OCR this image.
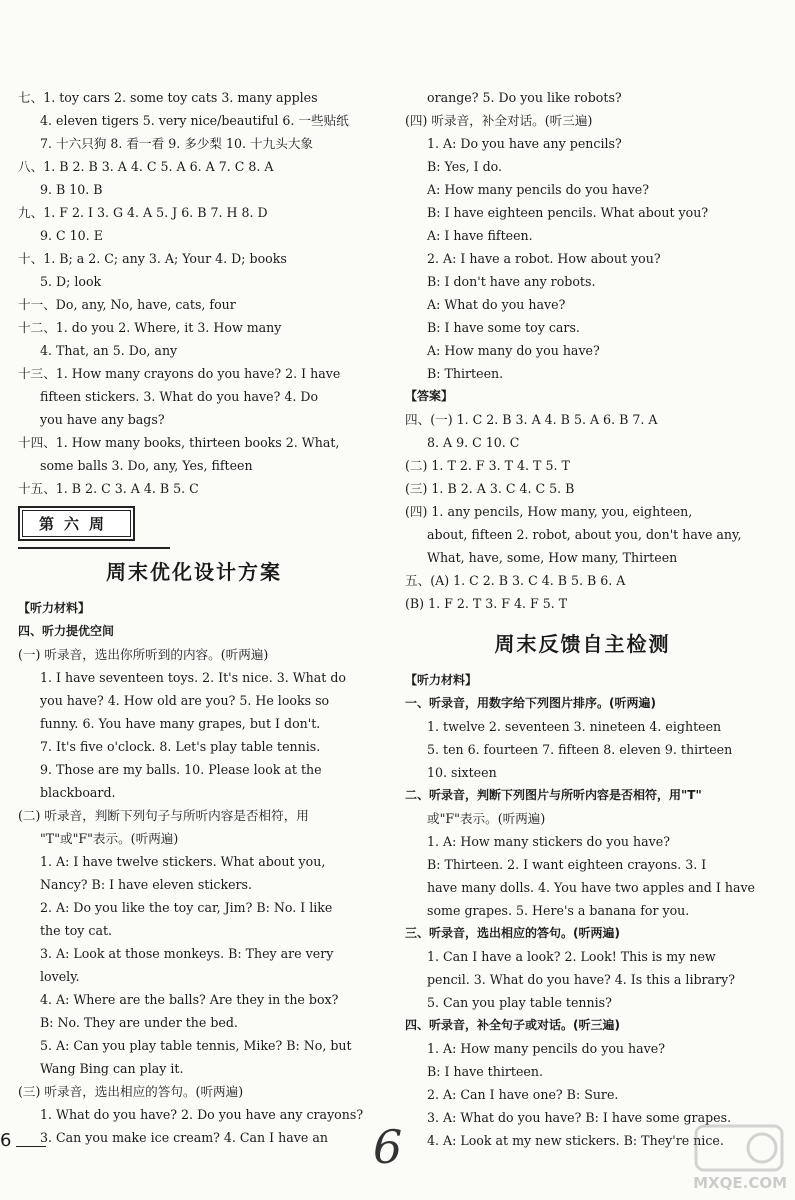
七、1. toy cars 2. some toy cats 3. many apples
4. eleven tigers 5. very nice/beautiful 6. 一些贴纸
7. 十六只狗 8. 看一看 9. 多少梨 10. 十九头大象
八、1. B 2. B 3. A 4. C 5. A 6. A 7. C 8. A
9. B 10. B
九、1. F 2. I 3. G 4. A 5. J 6. B 7. H 8. D
9. C 10. E
十、1. B; a 2. C; any 3. A; Your 4. D; books
5. D; look
十一、Do, any, No, have, cats, four
十二、1. do you 2. Where, it 3. How many
4. That, an 5. Do, any
十三、1. How many crayons do you have? 2. I have
fifteen stickers. 3. What do you have? 4. Do
you have any bags?
十四、1. How many books, thirteen books 2. What,
some balls 3. Do, any, Yes, fifteen
十五、1. B 2. C 3. A 4. B 5. C
第六周
周末优化设计方案
【听力材料】
四、听力提优空间
(一) 听录音，选出你所听到的内容。(听两遍)
1. I have seventeen toys. 2. It's nice. 3. What do
you have? 4. How old are you? 5. He looks so
funny. 6. You have many grapes, but I don't.
7. It's five o'clock. 8. Let's play table tennis.
9. Those are my balls. 10. Please look at the
blackboard.
(二) 听录音，判断下列句子与所听内容是否相符，用
"T"或"F"表示。(听两遍)
1. A: I have twelve stickers. What about you,
Nancy? B: I have eleven stickers.
2. A: Do you like the toy car, Jim? B: No. I like
the toy cat.
3. A: Look at those monkeys. B: They are very
lovely.
4. A: Where are the balls? Are they in the box?
B: No. They are under the bed.
5. A: Can you play table tennis, Mike? B: No, but
Wang Bing can play it.
(三) 听录音，选出相应的答句。(听两遍)
1. What do you have? 2. Do you have any crayons?
3. Can you make ice cream? 4. Can I have an
orange? 5. Do you like robots?
(四) 听录音，补全对话。(听三遍)
1. A: Do you have any pencils?
B: Yes, I do.
A: How many pencils do you have?
B: I have eighteen pencils. What about you?
A: I have fifteen.
2. A: I have a robot. How about you?
B: I don't have any robots.
A: What do you have?
B: I have some toy cars.
A: How many do you have?
B: Thirteen.
【答案】
四、(一) 1. C 2. B 3. A 4. B 5. A 6. B 7. A
8. A 9. C 10. C
(二) 1. T 2. F 3. T 4. T 5. T
(三) 1. B 2. A 3. C 4. C 5. B
(四) 1. any pencils, How many, you, eighteen,
about, fifteen 2. robot, about you, don't have any,
What, have, some, How many, Thirteen
五、(A) 1. C 2. B 3. C 4. B 5. B 6. A
(B) 1. F 2. T 3. F 4. F 5. T
周末反馈自主检测
【听力材料】
一、听录音，用数字给下列图片排序。(听两遍)
1. twelve 2. seventeen 3. nineteen 4. eighteen
5. ten 6. fourteen 7. fifteen 8. eleven 9. thirteen
10. sixteen
二、听录音，判断下列图片与所听内容是否相符，用"T"
或"F"表示。(听两遍)
1. A: How many stickers do you have?
B: Thirteen. 2. I want eighteen crayons. 3. I
have many dolls. 4. You have two apples and I have
some grapes. 5. Here's a banana for you.
三、听录音，选出相应的答句。(听两遍)
1. Can I have a look? 2. Look! This is my new
pencil. 3. What do you have? 4. Is this a library?
5. Can you play table tennis?
四、听录音，补全句子或对话。(听三遍)
1. A: How many pencils do you have?
B: I have thirteen.
2. A: Can I have one? B: Sure.
3. A: What do you have? B: I have some grapes.
4. A: Look at my new stickers. B: They're nice.
6	6
MXQE.COM
